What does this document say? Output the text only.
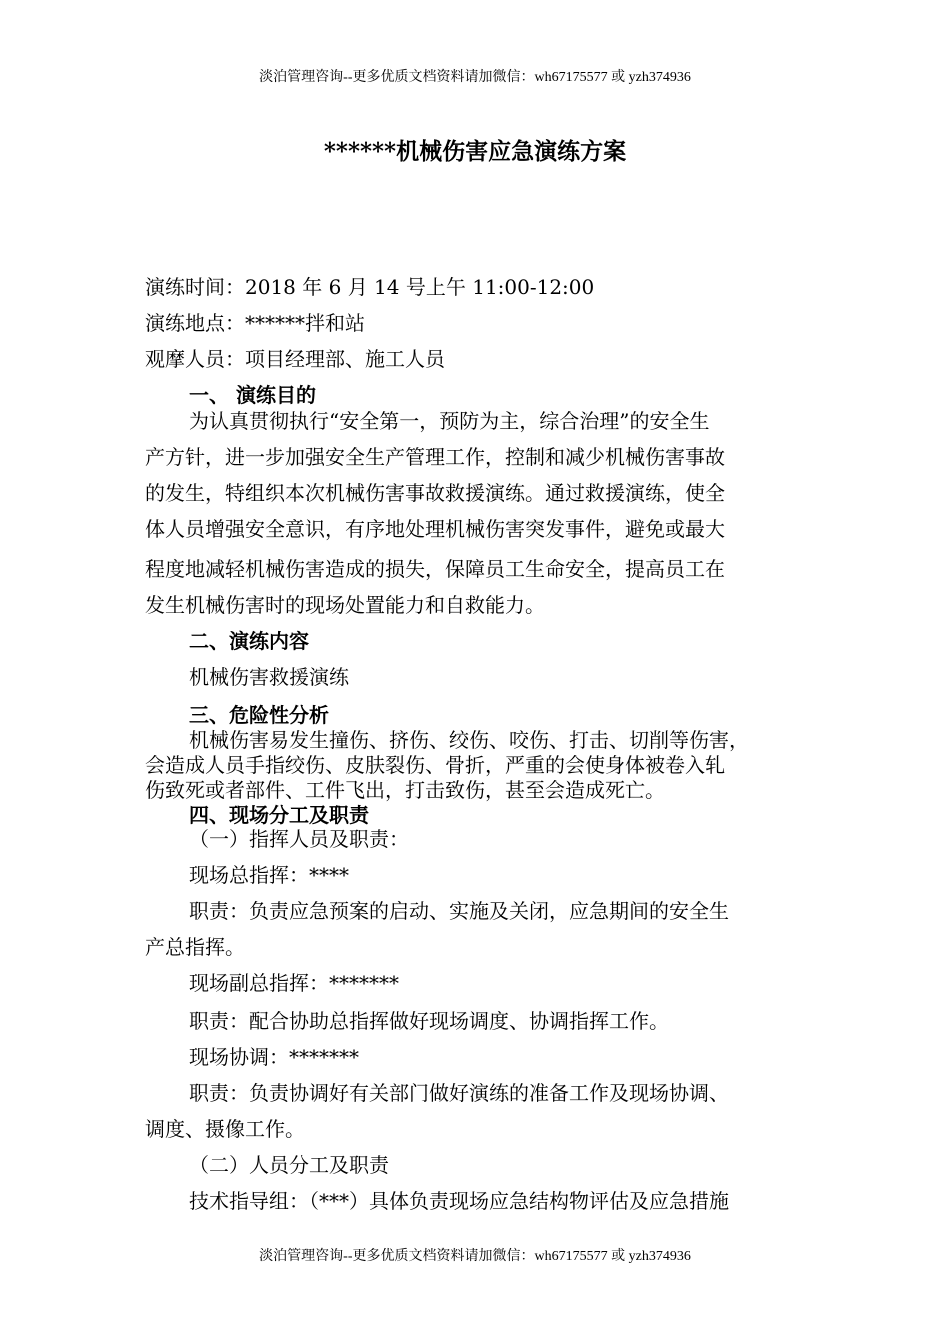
淡泊管理咨询--更多优质文档资料请加微信：wh67175577 或 yzh374936
******机械伤害应急演练方案
演练时间：2018 年 6 月 14 号上午 11:00-12:00
演练地点：******拌和站
观摩人员：项目经理部、施工人员
一、 演练目的
为认真贯彻执行“安全第一，预防为主，综合治理”的安全生
产方针，进一步加强安全生产管理工作，控制和减少机械伤害事故
的发生，特组织本次机械伤害事故救援演练。通过救援演练，使全
体人员增强安全意识，有序地处理机械伤害突发事件，避免或最大
程度地减轻机械伤害造成的损失，保障员工生命安全，提高员工在
发生机械伤害时的现场处置能力和自救能力。
二、演练内容
机械伤害救援演练
三、危险性分析
机械伤害易发生撞伤、挤伤、绞伤、咬伤、打击、切削等伤害，
会造成人员手指绞伤、皮肤裂伤、骨折，严重的会使身体被卷入轧
伤致死或者部件、工件飞出，打击致伤，甚至会造成死亡。
四、现场分工及职责
（一）指挥人员及职责：
现场总指挥：****
职责：负责应急预案的启动、实施及关闭，应急期间的安全生
产总指挥。
现场副总指挥：*******
职责：配合协助总指挥做好现场调度、协调指挥工作。
现场协调：*******
职责：负责协调好有关部门做好演练的准备工作及现场协调、
调度、摄像工作。
（二）人员分工及职责
技术指导组：（***）具体负责现场应急结构物评估及应急措施
淡泊管理咨询--更多优质文档资料请加微信：wh67175577 或 yzh374936
